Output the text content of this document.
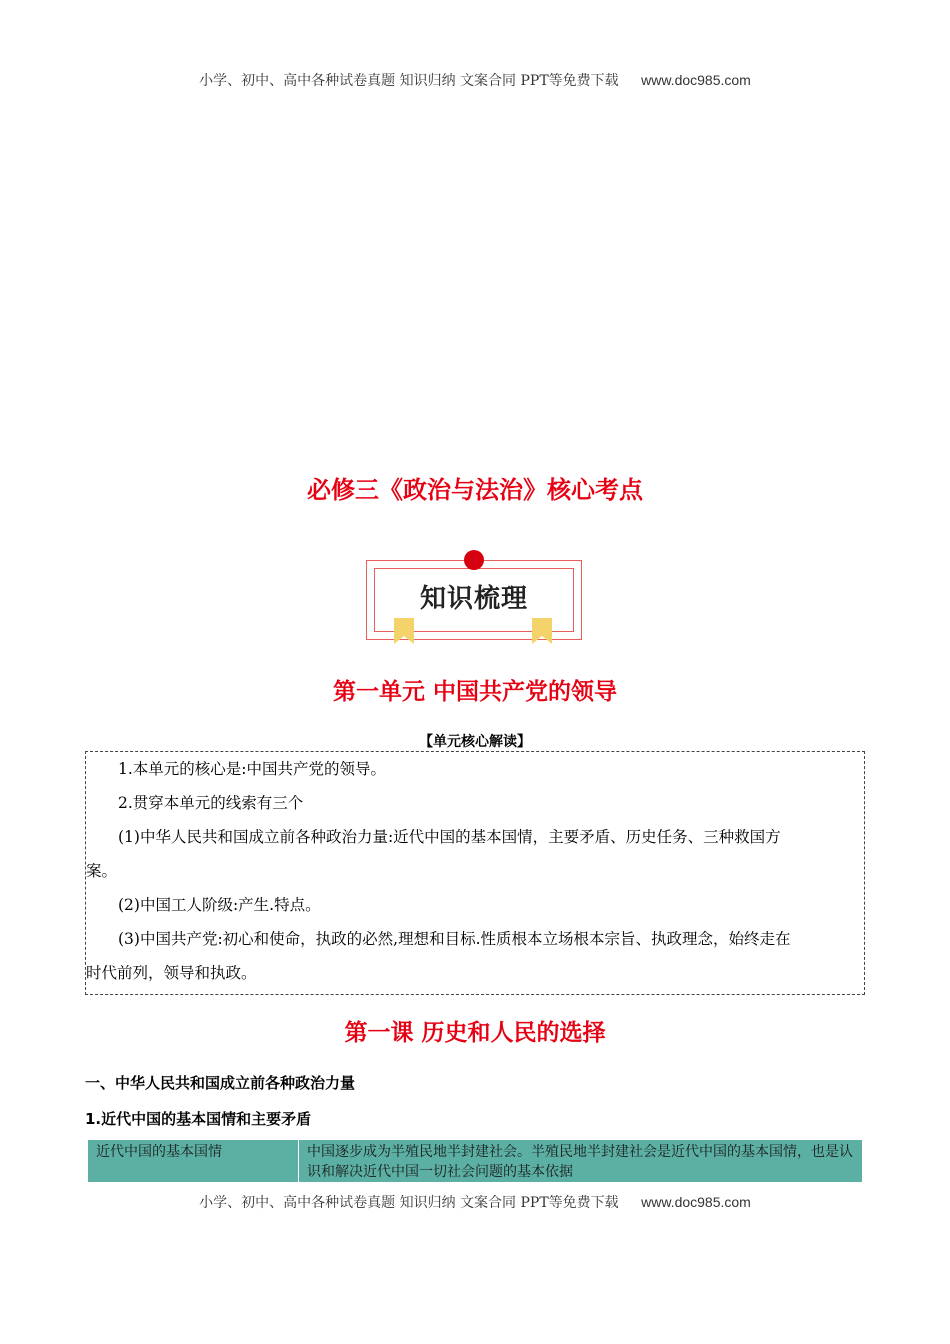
小学、初中、高中各种试卷真题 知识归纳 文案合同 PPT等免费下载 www.doc985.com
必修三《政治与法治》核心考点
知识梳理
第一单元 中国共产党的领导
【单元核心解读】

1.本单元的核心是:中国共产党的领导。

2.贯穿本单元的线索有三个

(1)中华人民共和国成立前各种政治力量:近代中国的基本国情，主要矛盾、历史任务、三种救国方

案。

(2)中国工人阶级:产生.特点。

(3)中国共产党:初心和使命，执政的必然,理想和目标.性质根本立场根本宗旨、执政理念，始终走在

时代前列，领导和执政。

第一课 历史和人民的选择
一、中华人民共和国成立前各种政治力量
1.近代中国的基本国情和主要矛盾
近代中国的基本国情	中国逐步成为半殖民地半封建社会。半殖民地半封建社会是近代中国的基本国情，也是认识和解决近代中国一切社会问题的基本依据
小学、初中、高中各种试卷真题 知识归纳 文案合同 PPT等免费下载 www.doc985.com
